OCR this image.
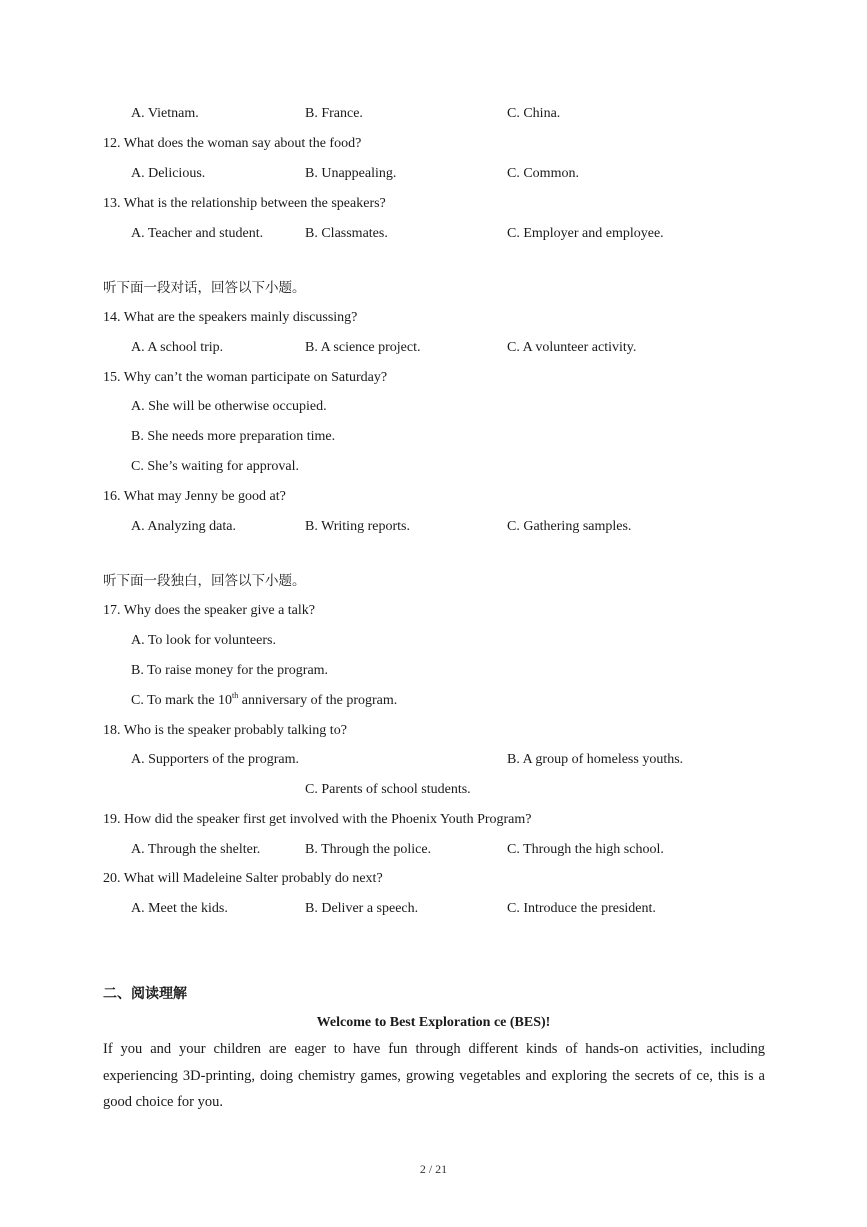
A. Vietnam.	B. France.	C. China.
12. What does the woman say about the food?
A. Delicious.	B. Unappealing.	C. Common.
13. What is the relationship between the speakers?
A. Teacher and student.	B. Classmates.	C. Employer and employee.
听下面一段对话，回答以下小题。
14. What are the speakers mainly discussing?
A. A school trip.	B. A science project.	C. A volunteer activity.
15. Why can’t the woman participate on Saturday?
A. She will be otherwise occupied.
B. She needs more preparation time.
C. She’s waiting for approval.
16. What may Jenny be good at?
A. Analyzing data.	B. Writing reports.	C. Gathering samples.
听下面一段独白，回答以下小题。
17. Why does the speaker give a talk?
A. To look for volunteers.
B. To raise money for the program.
C. To mark the 10th anniversary of the program.
18. Who is the speaker probably talking to?
A. Supporters of the program.	B. A group of homeless youths.
C. Parents of school students.
19. How did the speaker first get involved with the Phoenix Youth Program?
A. Through the shelter.	B. Through the police.	C. Through the high school.
20. What will Madeleine Salter probably do next?
A. Meet the kids.	B. Deliver a speech.	C. Introduce the president.
二、阅读理解
Welcome to Best Exploration ce (BES)!
If you and your children are eager to have fun through different kinds of hands-on activities, including experiencing 3D-printing, doing chemistry games, growing vegetables and exploring the secrets of ce, this is a good choice for you.
2 / 21
